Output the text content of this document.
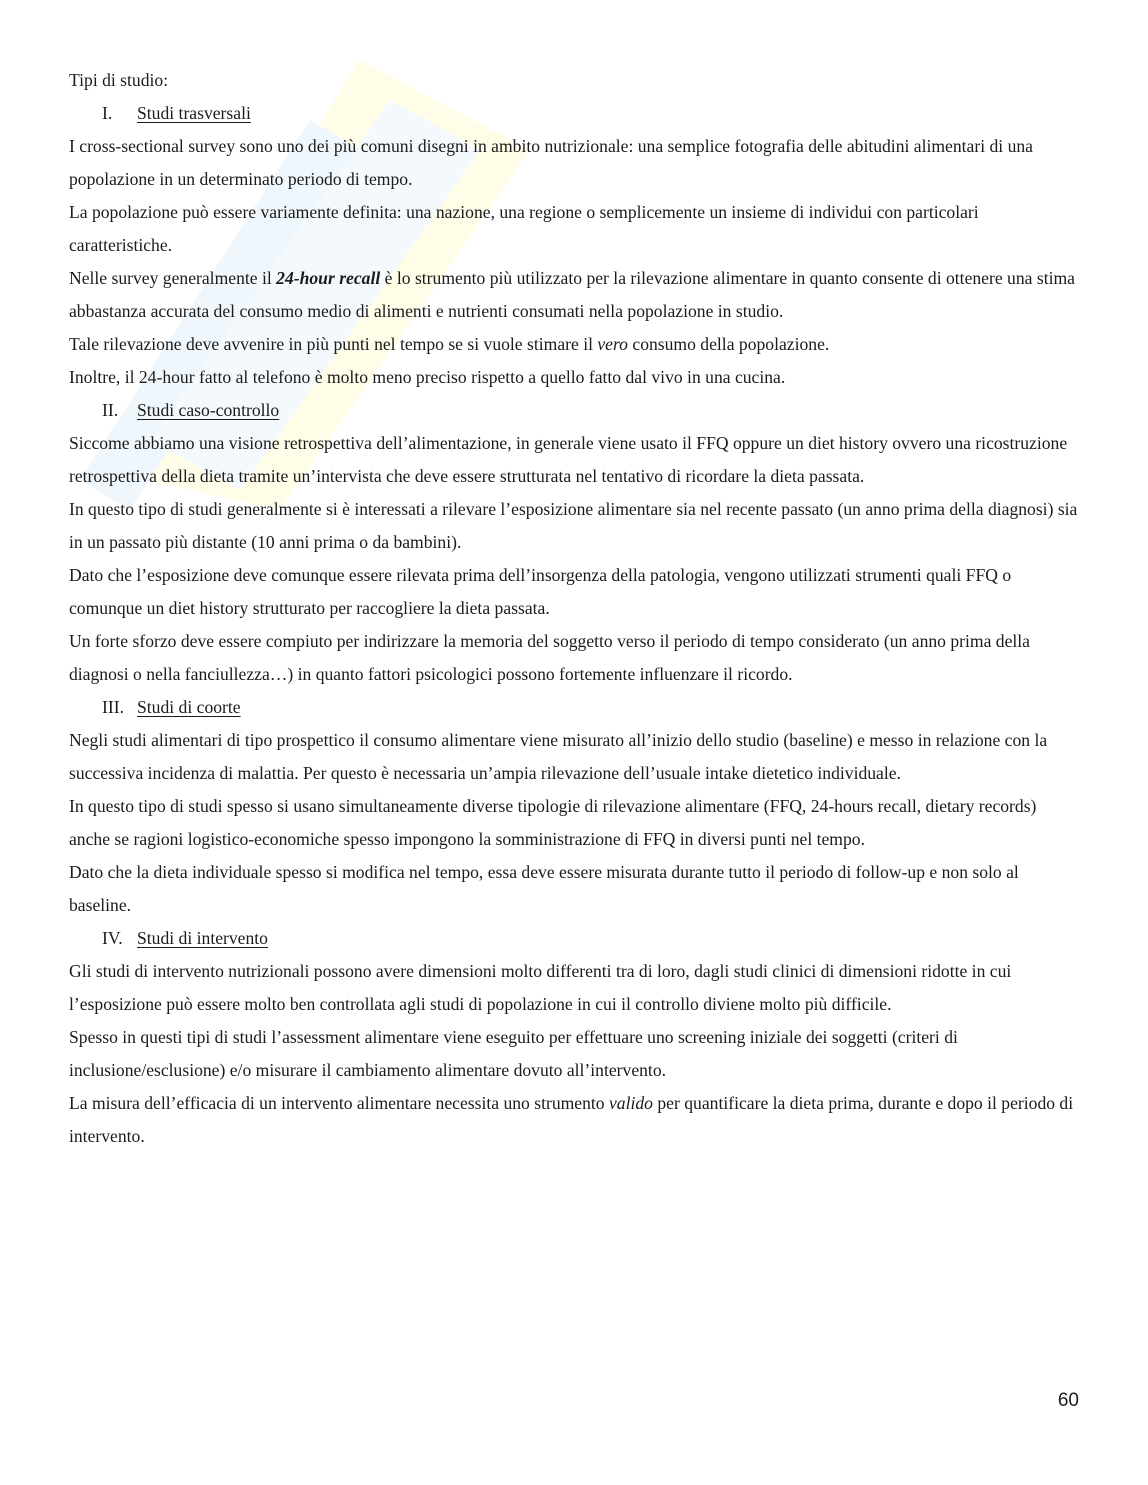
Tipi di studio:

I.	Studi trasversali

I cross-sectional survey sono uno dei più comuni disegni in ambito nutrizionale: una semplice fotografia delle abitudini alimentari di una popolazione in un determinato periodo di tempo.

La popolazione può essere variamente definita: una nazione, una regione o semplicemente un insieme di individui con particolari caratteristiche.

Nelle survey generalmente il 24-hour recall è lo strumento più utilizzato per la rilevazione alimentare in quanto consente di ottenere una stima abbastanza accurata del consumo medio di alimenti e nutrienti consumati nella popolazione in studio.

Tale rilevazione deve avvenire in più punti nel tempo se si vuole stimare il vero consumo della popolazione.

Inoltre, il 24-hour fatto al telefono è molto meno preciso rispetto a quello fatto dal vivo in una cucina.

II.	Studi caso-controllo

Siccome abbiamo una visione retrospettiva dell’alimentazione, in generale viene usato il FFQ oppure un diet history ovvero una ricostruzione retrospettiva della dieta tramite un’intervista che deve essere strutturata nel tentativo di ricordare la dieta passata.

In questo tipo di studi generalmente si è interessati a rilevare l’esposizione alimentare sia nel recente passato (un anno prima della diagnosi) sia in un passato più distante (10 anni prima o da bambini).

Dato che l’esposizione deve comunque essere rilevata prima dell’insorgenza della patologia, vengono utilizzati strumenti quali FFQ o comunque un diet history strutturato per raccogliere la dieta passata.

Un forte sforzo deve essere compiuto per indirizzare la memoria del soggetto verso il periodo di tempo considerato (un anno prima della diagnosi o nella fanciullezza…) in quanto fattori psicologici possono fortemente influenzare il ricordo.

III. Studi di coorte

Negli studi alimentari di tipo prospettico il consumo alimentare viene misurato all’inizio dello studio (baseline) e messo in relazione con la successiva incidenza di malattia. Per questo è necessaria un’ampia rilevazione dell’usuale intake dietetico individuale.

In questo tipo di studi spesso si usano simultaneamente diverse tipologie di rilevazione alimentare (FFQ, 24-hours recall, dietary records) anche se ragioni logistico-economiche spesso impongono la somministrazione di FFQ in diversi punti nel tempo.

Dato che la dieta individuale spesso si modifica nel tempo, essa deve essere misurata durante tutto il periodo di follow-up e non solo al baseline.

IV. Studi di intervento

Gli studi di intervento nutrizionali possono avere dimensioni molto differenti tra di loro, dagli studi clinici di dimensioni ridotte in cui l’esposizione può essere molto ben controllata agli studi di popolazione in cui il controllo diviene molto più difficile.

Spesso in questi tipi di studi l’assessment alimentare viene eseguito per effettuare uno screening iniziale dei soggetti (criteri di inclusione/esclusione) e/o misurare il cambiamento alimentare dovuto all’intervento.

La misura dell’efficacia di un intervento alimentare necessita uno strumento valido per quantificare la dieta prima, durante e dopo il periodo di intervento.

60
